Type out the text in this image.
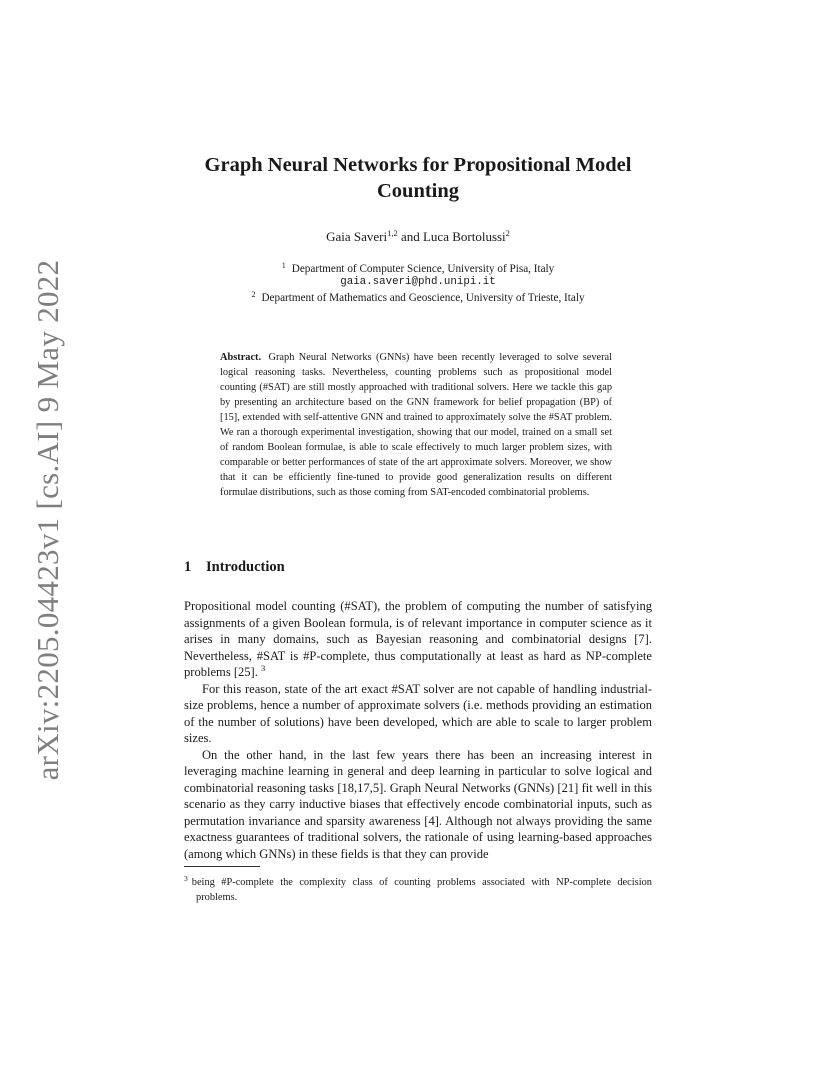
arXiv:2205.04423v1 [cs.AI] 9 May 2022
Graph Neural Networks for Propositional Model Counting
Gaia Saveri$^{1,2}$ and Luca Bortolussi$^2$
$^1$ Department of Computer Science, University of Pisa, Italy
gaia.saveri@phd.unipi.it
$^2$ Department of Mathematics and Geoscience, University of Trieste, Italy
Abstract. Graph Neural Networks (GNNs) have been recently leveraged to solve several logical reasoning tasks. Nevertheless, counting problems such as propositional model counting (#SAT) are still mostly approached with traditional solvers. Here we tackle this gap by presenting an architecture based on the GNN framework for belief propagation (BP) of [15], extended with self-attentive GNN and trained to approximately solve the #SAT problem. We ran a thorough experimental investigation, showing that our model, trained on a small set of random Boolean formulae, is able to scale effectively to much larger problem sizes, with comparable or better performances of state of the art approximate solvers. Moreover, we show that it can be efficiently fine-tuned to provide good generalization results on different formulae distributions, such as those coming from SAT-encoded combinatorial problems.
1 Introduction

Propositional model counting (#SAT), the problem of computing the number of satisfying assignments of a given Boolean formula, is of relevant importance in computer science as it arises in many domains, such as Bayesian reasoning and combinatorial designs [7]. Nevertheless, #SAT is #P-complete, thus computationally at least as hard as NP-complete problems [25]. $^3$

For this reason, state of the art exact #SAT solver are not capable of handling industrial-size problems, hence a number of approximate solvers (i.e. methods providing an estimation of the number of solutions) have been developed, which are able to scale to larger problem sizes.

On the other hand, in the last few years there has been an increasing interest in leveraging machine learning in general and deep learning in particular to solve logical and combinatorial reasoning tasks [18,17,5]. Graph Neural Networks (GNNs) [21] fit well in this scenario as they carry inductive biases that effectively encode combinatorial inputs, such as permutation invariance and sparsity awareness [4]. Although not always providing the same exactness guarantees of traditional solvers, the rationale of using learning-based approaches (among which GNNs) in these fields is that they can provide

$^3$ being #P-complete the complexity class of counting problems associated with NP-complete decision problems.
